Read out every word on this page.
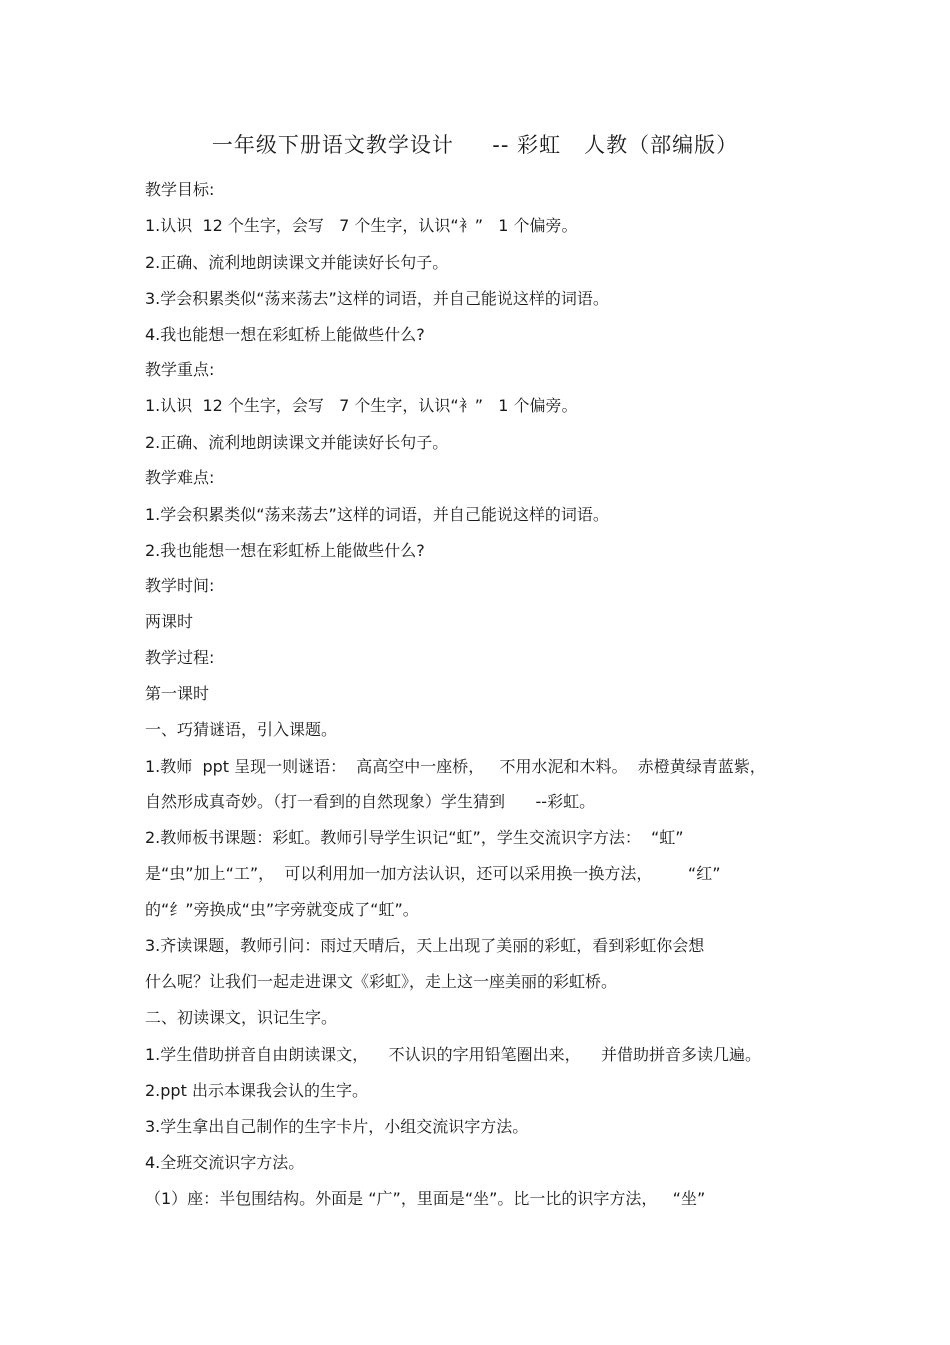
一年级下册语文教学设计     -- 彩虹   人教（部编版）
教学目标:
1.认识  12 个生字，会写   7 个生字，认识“衤”   1 个偏旁。
2.正确、流利地朗读课文并能读好长句子。
3.学会积累类似“荡来荡去”这样的词语，并自己能说这样的词语。
4.我也能想一想在彩虹桥上能做些什么?
教学重点:
1.认识  12 个生字，会写   7 个生字，认识“衤”   1 个偏旁。
2.正确、流利地朗读课文并能读好长句子。
教学难点:
1.学会积累类似“荡来荡去”这样的词语，并自己能说这样的词语。
2.我也能想一想在彩虹桥上能做些什么?
教学时间:
两课时
教学过程:
第一课时
一、巧猜谜语，引入课题。
1.教师  ppt 呈现一则谜语：  高高空中一座桥，   不用水泥和木料。  赤橙黄绿青蓝紫，
自然形成真奇妙。（打一看到的自然现象）学生猜到      --彩虹。
2.教师板书课题：彩虹。教师引导学生识记“虹”，学生交流识字方法：  “虹”
是“虫”加上“工”，  可以利用加一加方法认识，还可以采用换一换方法，       “红”
的“纟”旁换成“虫”字旁就变成了“虹”。
3.齐读课题，教师引问：雨过天晴后，天上出现了美丽的彩虹，看到彩虹你会想
什么呢？让我们一起走进课文《彩虹》，走上这一座美丽的彩虹桥。
二、初读课文，识记生字。
1.学生借助拼音自由朗读课文，    不认识的字用铅笔圈出来，    并借助拼音多读几遍。
2.ppt 出示本课我会认的生字。
3.学生拿出自己制作的生字卡片，小组交流识字方法。
4.全班交流识字方法。
（1）座：半包围结构。外面是 “广”，里面是“坐”。比一比的识字方法，   “坐”
